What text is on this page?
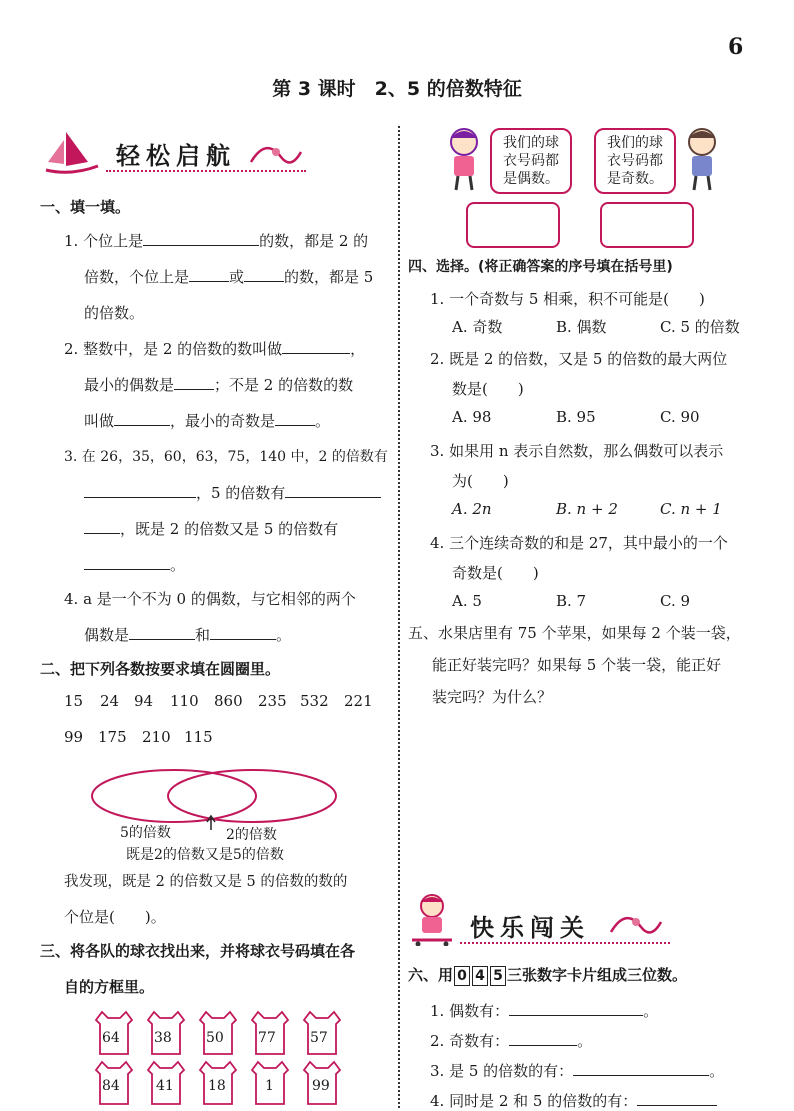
6
第 3 课时　2、5 的倍数特征
轻松启航
一、填一填。
1. 个位上是	的数，都是 2 的
倍数，个位上是	或	的数，都是 5
的倍数。
2. 整数中，是 2 的倍数的数叫做	，
最小的偶数是	；不是 2 的倍数的数
叫做	，最小的奇数是	。
3. 在 26，35，60，63，75，140 中，2 的倍数有
，5 的倍数有
，既是 2 的倍数又是 5 的倍数有
。
4. a 是一个不为 0 的偶数，与它相邻的两个
偶数是	和	。
二、把下列各数按要求填在圆圈里。
15 24 94 110 860 235 532 221
99 175 210 115
5的倍数	2的倍数
既是2的倍数又是5的倍数
我发现，既是 2 的倍数又是 5 的倍数的数的
个位是(　　)。
三、将各队的球衣找出来，并将球衣号码填在各
自的方框里。
64 38 50 77 57
84	41 18	1	99
我们的球衣号码都是偶数。
我们的球衣号码都是奇数。
四、选择。(将正确答案的序号填在括号里)
1. 一个奇数与 5 相乘，积不可能是(　　)
A. 奇数	B. 偶数	C. 5 的倍数
2. 既是 2 的倍数，又是 5 的倍数的最大两位
数是(　　)
A. 98	B. 95	C. 90
3. 如果用 n 表示自然数，那么偶数可以表示
为(　　)
A. 2n	B. n + 2	C. n + 1
4. 三个连续奇数的和是 27，其中最小的一个
奇数是(　　)
A. 5	B. 7	C. 9
五、水果店里有 75 个苹果，如果每 2 个装一袋，
能正好装完吗？如果每 5 个装一袋，能正好
装完吗？为什么？
快乐闯关
六、用 0 4 5 三张数字卡片组成三位数。
1. 偶数有：	。
2. 奇数有：	。
3. 是 5 的倍数的有：	。
4. 同时是 2 和 5 的倍数的有：
